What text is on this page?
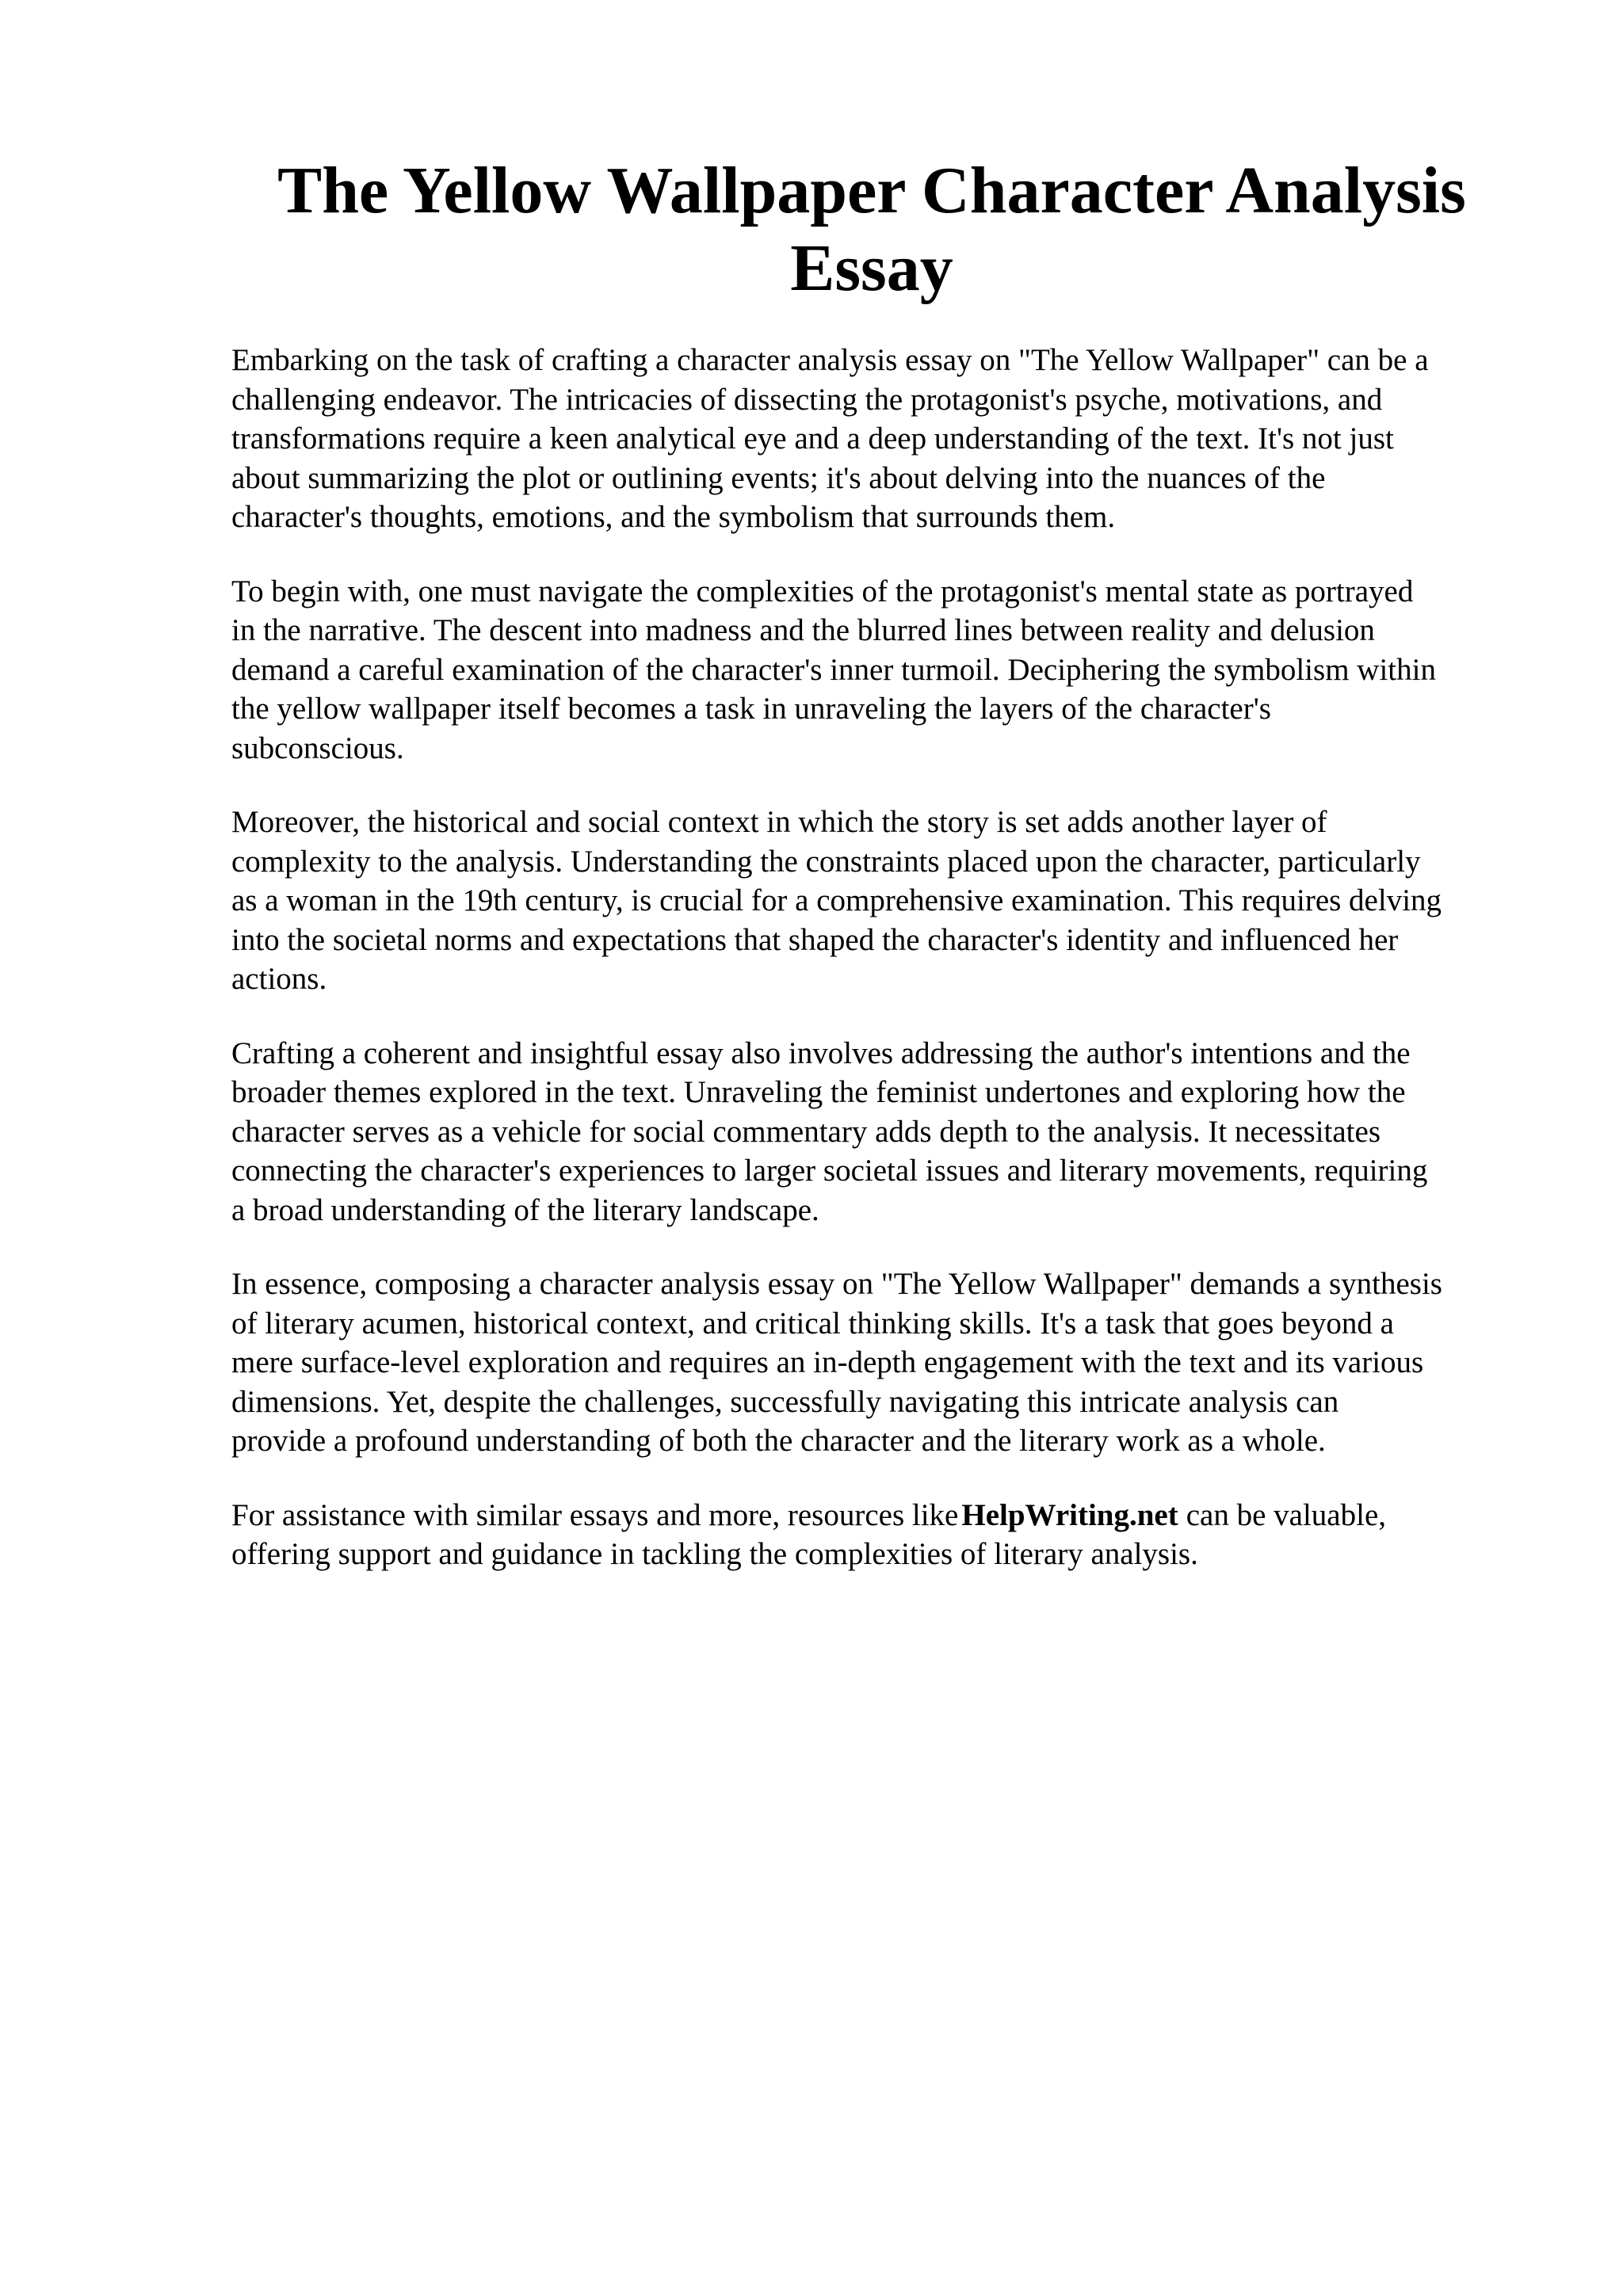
The Yellow Wallpaper Character Analysis
Essay

Embarking on the task of crafting a character analysis essay on "The Yellow Wallpaper" can be a
challenging endeavor. The intricacies of dissecting the protagonist's psyche, motivations, and
transformations require a keen analytical eye and a deep understanding of the text. It's not just
about summarizing the plot or outlining events; it's about delving into the nuances of the
character's thoughts, emotions, and the symbolism that surrounds them.

To begin with, one must navigate the complexities of the protagonist's mental state as portrayed
in the narrative. The descent into madness and the blurred lines between reality and delusion
demand a careful examination of the character's inner turmoil. Deciphering the symbolism within
the yellow wallpaper itself becomes a task in unraveling the layers of the character's
subconscious.

Moreover, the historical and social context in which the story is set adds another layer of
complexity to the analysis. Understanding the constraints placed upon the character, particularly
as a woman in the 19th century, is crucial for a comprehensive examination. This requires delving
into the societal norms and expectations that shaped the character's identity and influenced her
actions.

Crafting a coherent and insightful essay also involves addressing the author's intentions and the
broader themes explored in the text. Unraveling the feminist undertones and exploring how the
character serves as a vehicle for social commentary adds depth to the analysis. It necessitates
connecting the character's experiences to larger societal issues and literary movements, requiring
a broad understanding of the literary landscape.

In essence, composing a character analysis essay on "The Yellow Wallpaper" demands a synthesis
of literary acumen, historical context, and critical thinking skills. It's a task that goes beyond a
mere surface-level exploration and requires an in-depth engagement with the text and its various
dimensions. Yet, despite the challenges, successfully navigating this intricate analysis can
provide a profound understanding of both the character and the literary work as a whole.

For assistance with similar essays and more, resources like HelpWriting.net can be valuable,
offering support and guidance in tackling the complexities of literary analysis.
